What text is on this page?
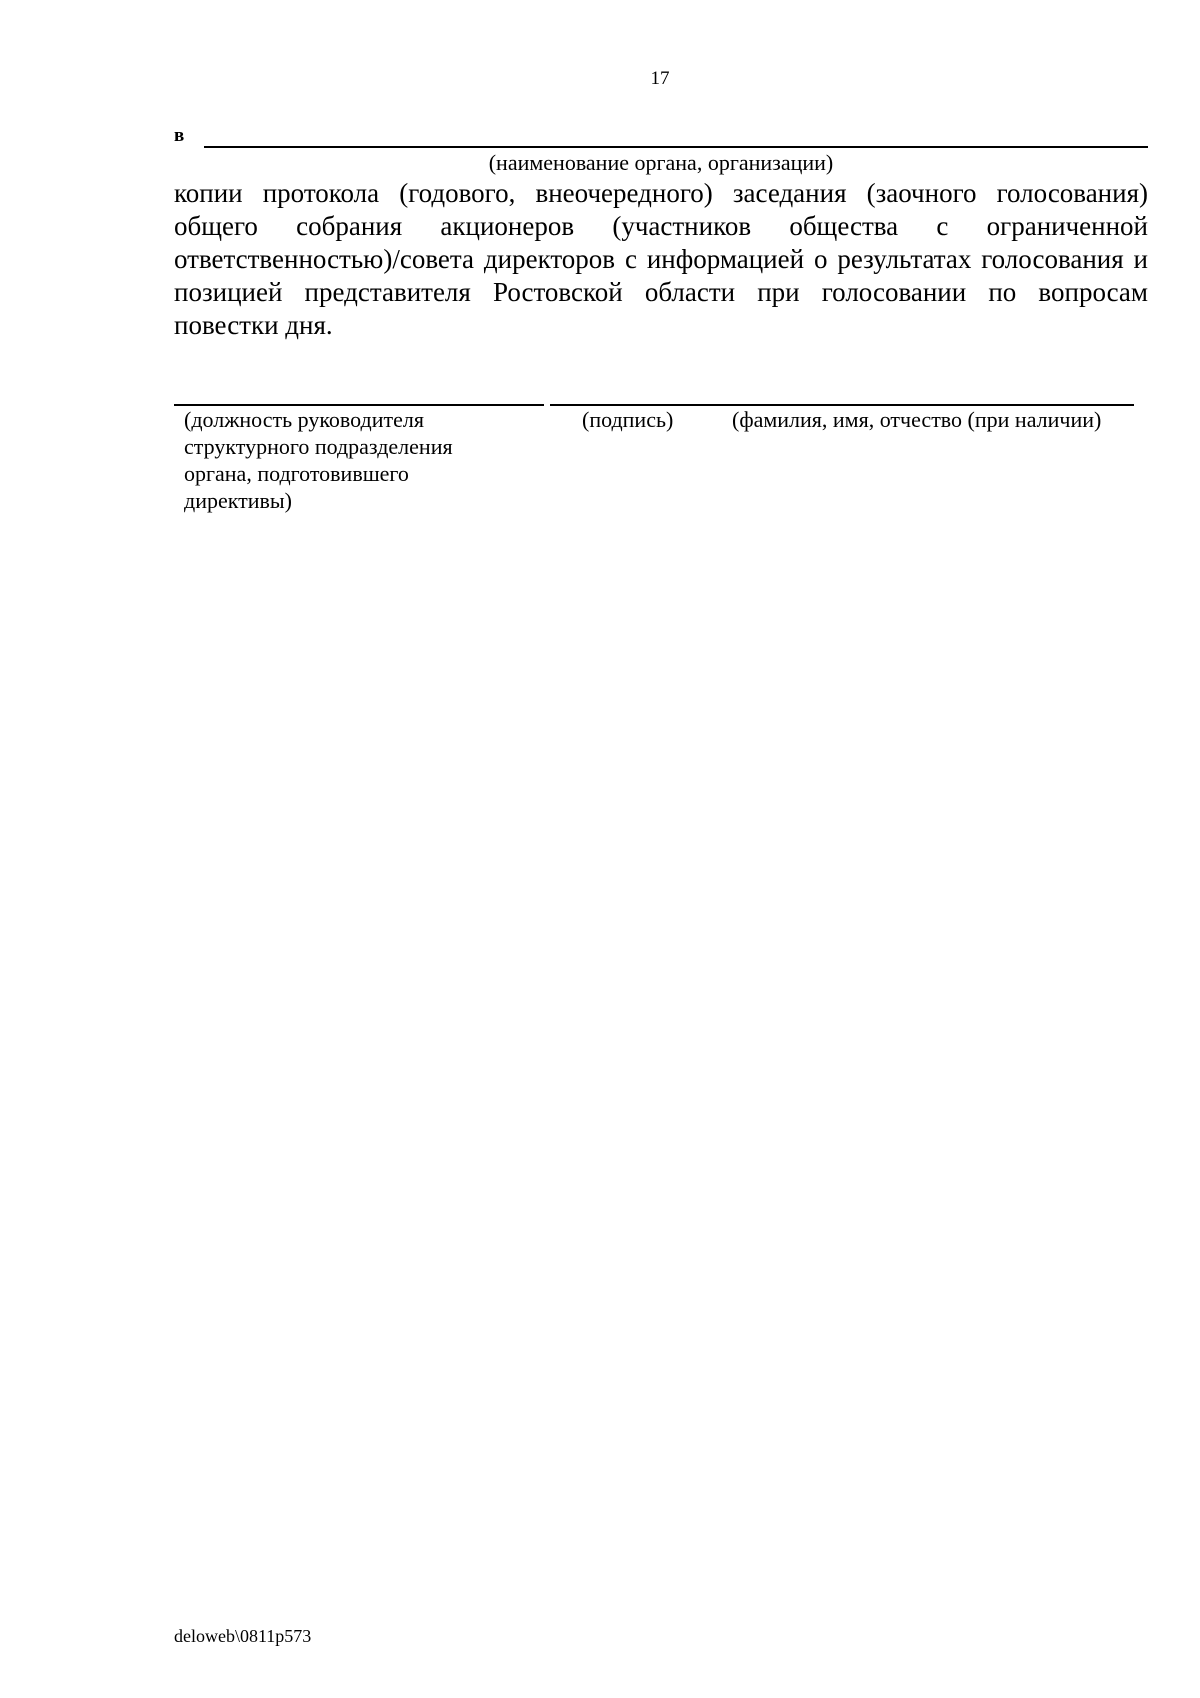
17
в
(наименование органа, организации)

копии протокола (годового, внеочередного) заседания (заочного голосования) общего собрания акционеров (участников общества с ограниченной ответственностью)/совета директоров с информацией о результатах голосования и позицией представителя Ростовской области при голосовании по вопросам повестки дня.

(должность руководителя
структурного подразделения
органа, подготовившего
директивы)
(подпись)	(фамилия, имя, отчество (при наличии)
deloweb\0811p573
